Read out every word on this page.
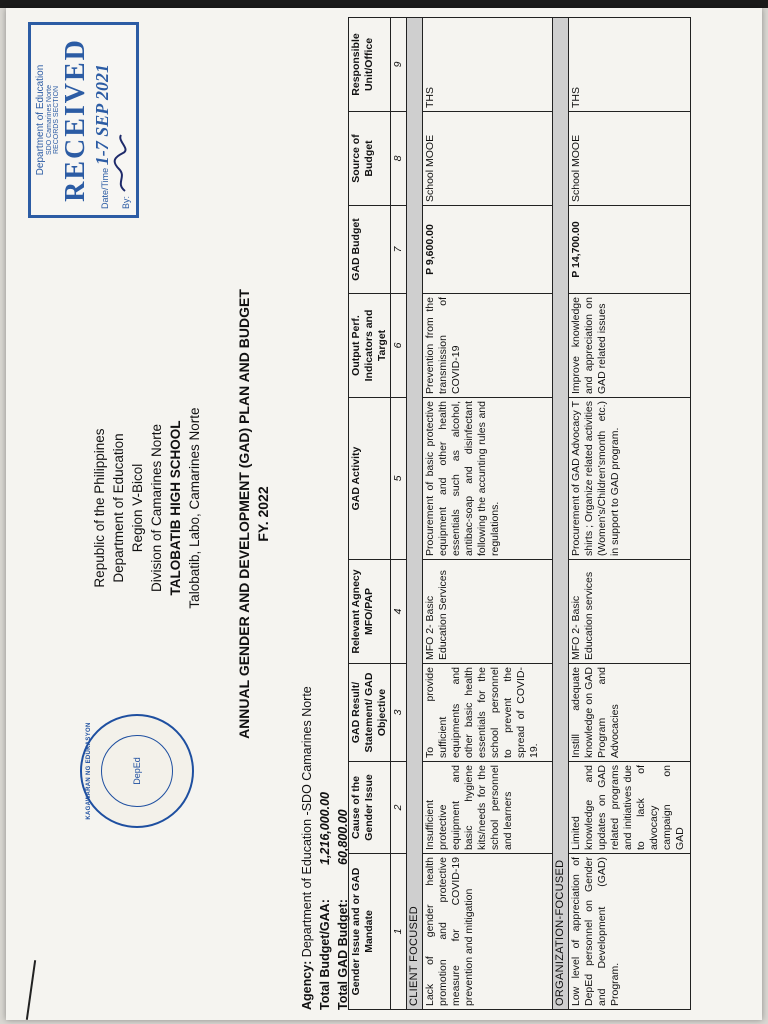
Department of Education SDO Camarines Norte RECORDS SECTION RECEIVED	Date/Time 1-7 SEP 2021
By:
KAGAWARAN NG EDUKASYON	DepEd
Republic of the Philippines Department of Education Region V-Bicol Division of Camarines Norte TALOBATIB HIGH SCHOOL Talobatib, Labo, Camarines Norte ANNUAL GENDER AND DEVELOPMENT (GAD) PLAN AND BUDGET FY. 2022
Agency: Department of Education -SDO Camarines Norte Total Budget/GAA:
1,216,000.00
Total GAD Budget:
60,800.00
Gender Issue and or GAD Mandate	Cause of the Gender Issue	GAD Result/ Statement/ GAD Objective	Relevant Agnecy MFO/PAP	GAD Activity	Output Perf. Indicators and Target	GAD Budget	Source of Budget	Responsible Unit/Office
1	2	3	4	5	6	7	8	9
CLIENT FOCUSED								
Lack of gender health promotion and protective measure for COVID-19 prevention and mitigation	Insufficient protective equipment and basic hygiene kits/needs for the school personnel and learners	To provide sufficient equipments and other basic health essentials for the school personnel to prevent the spread of COVID-19.	MFO 2- Basic Education Services	Procurement of basic protective equipment and other health essentials such as alcohol, antibac-soap and disinfectant following the accunting rules and regulations.	Prevention from the transmission of COVID-19	P 9,600.00	School MOOE	THS
ORGANIZATION-FOCUSED								
Low level of appreciation of DepEd personnel on Gender and Development (GAD) Program.	Limited knowledge and updates on GAD related programs and initiatives due to lack of advocacy campaign on GAD	Instill adequate knowledge on GAD Program and Advocacies	MFO 2- Basic Education services	Procurement of GAD Advocacy T shirts ; Organize related activities (Women's/Children'smonth etc.) in support to GAD program.	Improve knowledge and appreciation on GAD related issues	P 14,700.00	School MOOE	THS
